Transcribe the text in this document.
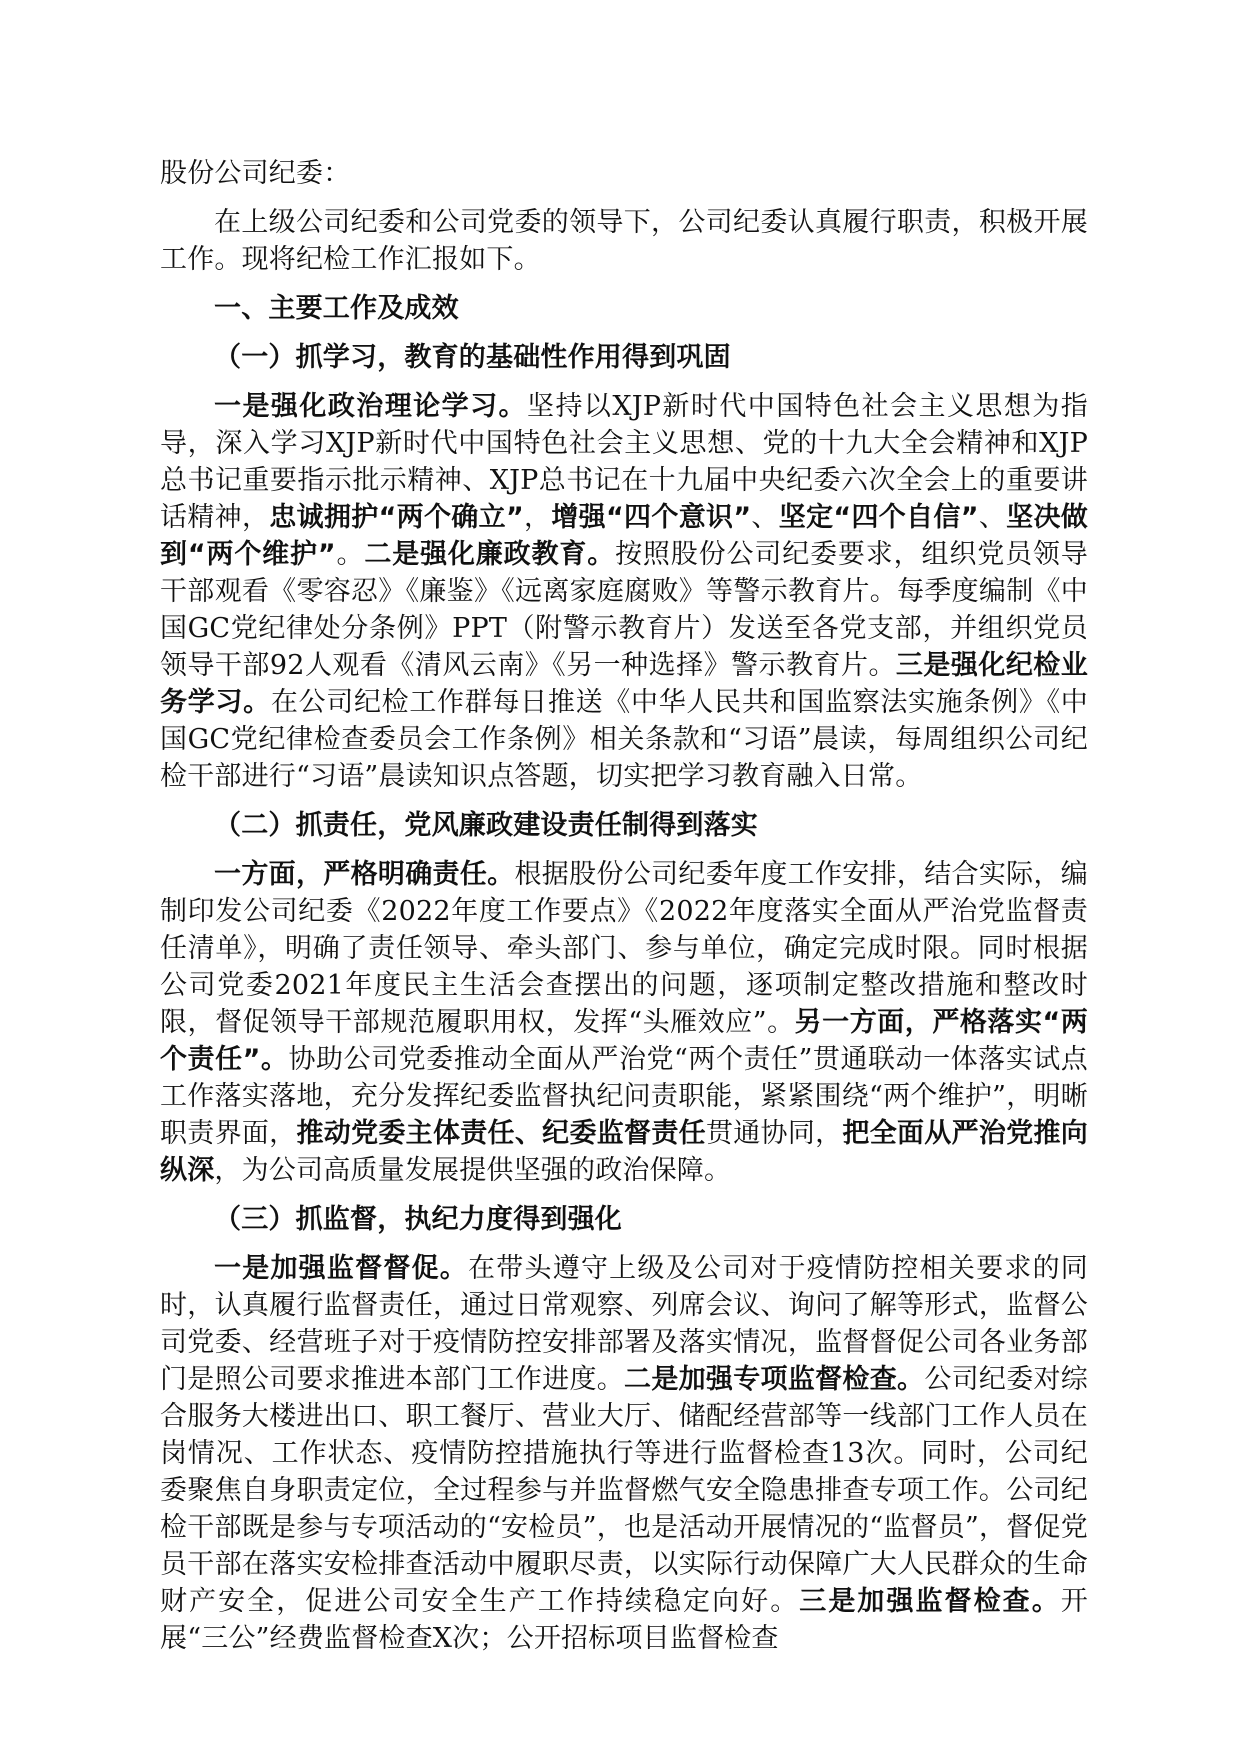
股份公司纪委：

在上级公司纪委和公司党委的领导下，公司纪委认真履行职责，积极开展工作。现将纪检工作汇报如下。

一、主要工作及成效

（一）抓学习，教育的基础性作用得到巩固

一是强化政治理论学习。坚持以XJP新时代中国特色社会主义思想为指导，深入学习XJP新时代中国特色社会主义思想、党的十九大全会精神和XJP总书记重要指示批示精神、XJP总书记在十九届中央纪委六次全会上的重要讲话精神，忠诚拥护“两个确立”，增强“四个意识”、坚定“四个自信”、坚决做到“两个维护”。二是强化廉政教育。按照股份公司纪委要求，组织党员领导干部观看《零容忍》《廉鉴》《远离家庭腐败》等警示教育片。每季度编制《中国GC党纪律处分条例》PPT（附警示教育片）发送至各党支部，并组织党员领导干部92人观看《清风云南》《另一种选择》警示教育片。三是强化纪检业务学习。在公司纪检工作群每日推送《中华人民共和国监察法实施条例》《中国GC党纪律检查委员会工作条例》相关条款和“习语”晨读，每周组织公司纪检干部进行“习语”晨读知识点答题，切实把学习教育融入日常。

（二）抓责任，党风廉政建设责任制得到落实

一方面，严格明确责任。根据股份公司纪委年度工作安排，结合实际，编制印发公司纪委《2022年度工作要点》《2022年度落实全面从严治党监督责任清单》，明确了责任领导、牵头部门、参与单位，确定完成时限。同时根据公司党委2021年度民主生活会查摆出的问题，逐项制定整改措施和整改时限，督促领导干部规范履职用权，发挥“头雁效应”。另一方面，严格落实“两个责任”。协助公司党委推动全面从严治党“两个责任”贯通联动一体落实试点工作落实落地，充分发挥纪委监督执纪问责职能，紧紧围绕“两个维护”，明晰职责界面，推动党委主体责任、纪委监督责任贯通协同，把全面从严治党推向纵深，为公司高质量发展提供坚强的政治保障。

（三）抓监督，执纪力度得到强化

一是加强监督督促。在带头遵守上级及公司对于疫情防控相关要求的同时，认真履行监督责任，通过日常观察、列席会议、询问了解等形式，监督公司党委、经营班子对于疫情防控安排部署及落实情况，监督督促公司各业务部门是照公司要求推进本部门工作进度。二是加强专项监督检查。公司纪委对综合服务大楼进出口、职工餐厅、营业大厅、储配经营部等一线部门工作人员在岗情况、工作状态、疫情防控措施执行等进行监督检查13次。同时，公司纪委聚焦自身职责定位，全过程参与并监督燃气安全隐患排查专项工作。公司纪检干部既是参与专项活动的“安检员”，也是活动开展情况的“监督员”，督促党员干部在落实安检排查活动中履职尽责，以实际行动保障广大人民群众的生命财产安全，促进公司安全生产工作持续稳定向好。三是加强监督检查。开展“三公”经费监督检查X次；公开招标项目监督检查
